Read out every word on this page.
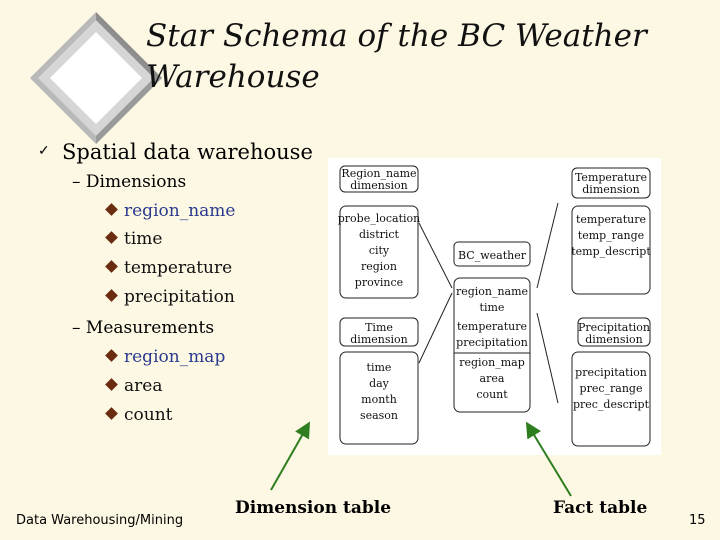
Star Schema of the BC Weather Warehouse
✓ Spatial data warehouse
– Dimensions
region_name
time
temperature
precipitation
– Measurements
region_map
area
count
Region_name
dimension
probe_location
district
city
region
province
Time
dimension
time
day
month
season
BC_weather
region_name
time
temperature
precipitation
region_map
area
count
Temperature
dimension
temperature
temp_range
temp_descript
Precipitation
dimension
precipitation
prec_range
prec_descript
Dimension table	Fact table
Data Warehousing/Mining	15
